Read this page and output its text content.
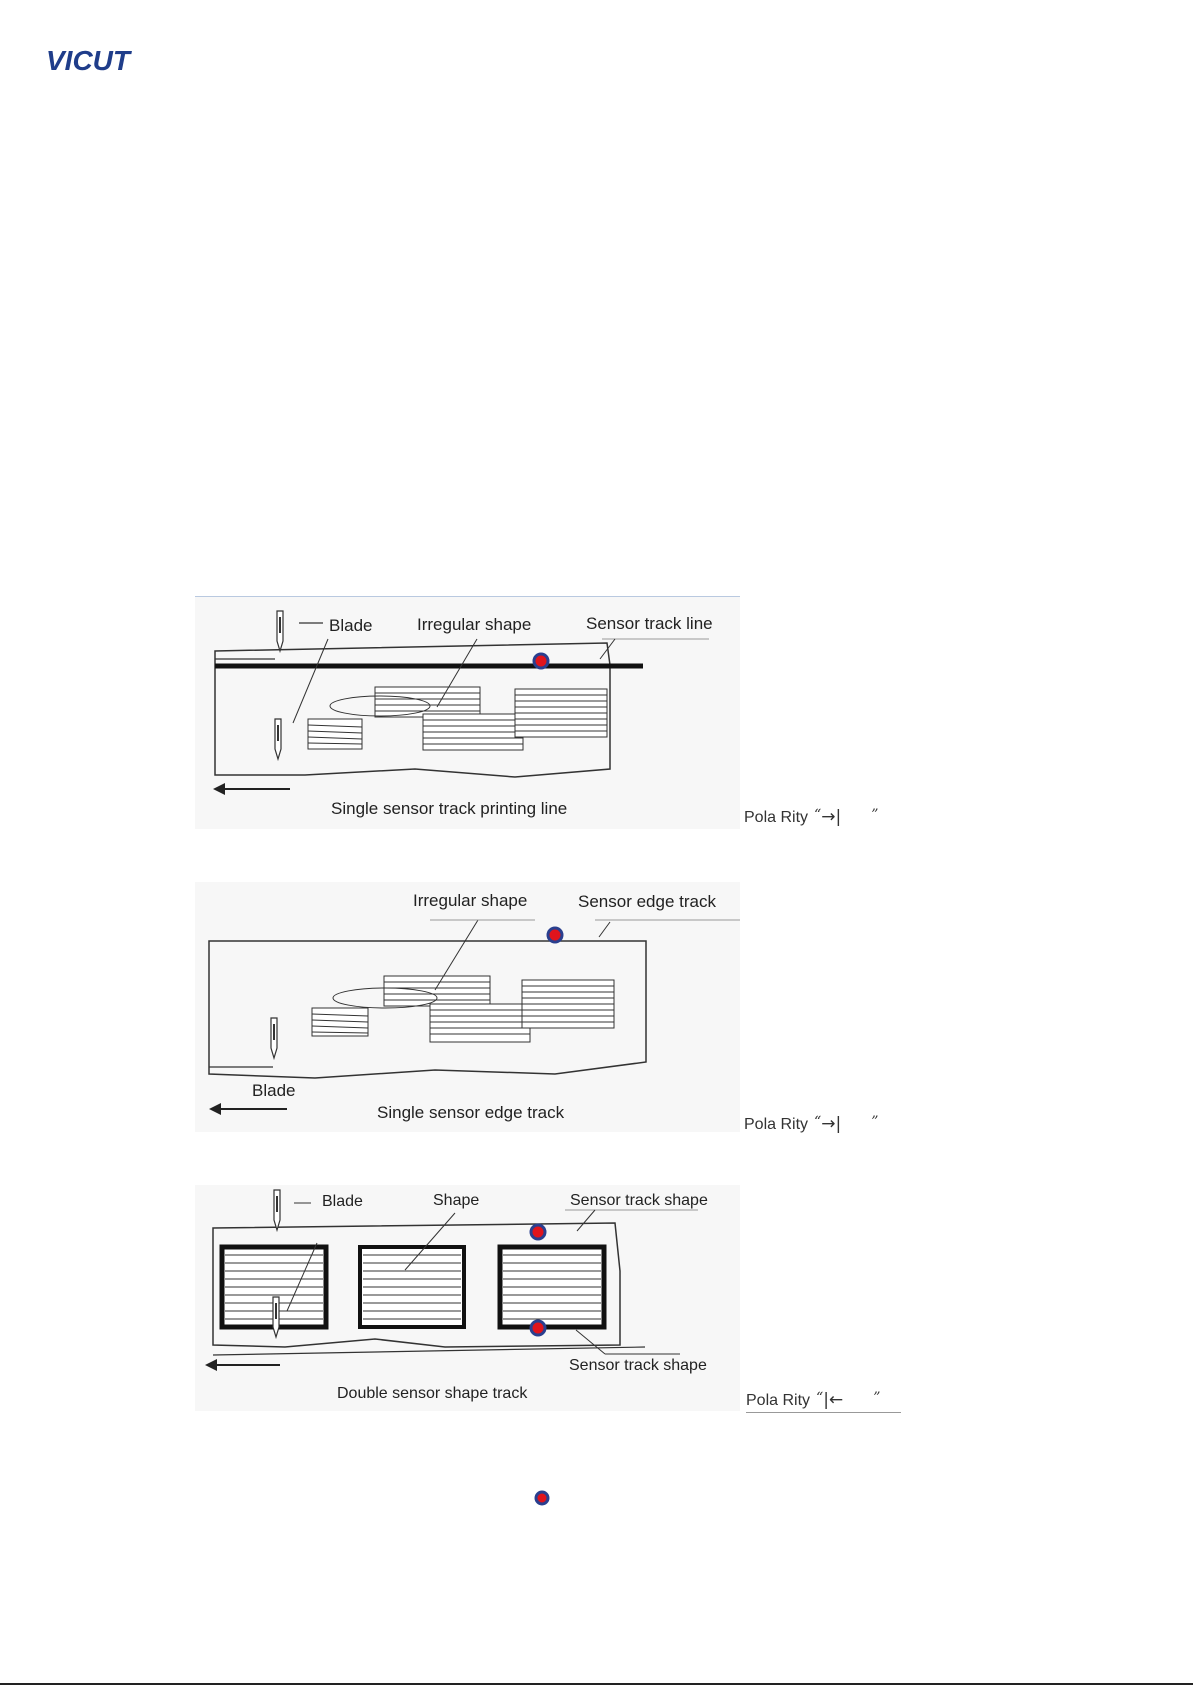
VICUT
Blade	Irregular shape	Sensor track line
Single sensor track printing line	Pola Rity “→| ”
Irregular shape	Sensor edge track
Blade
Single sensor edge track
Pola Rity “→| ”
Blade	Shape	Sensor track shape
Sensor track shape
Double sensor shape track	Pola Rity “|← ”
